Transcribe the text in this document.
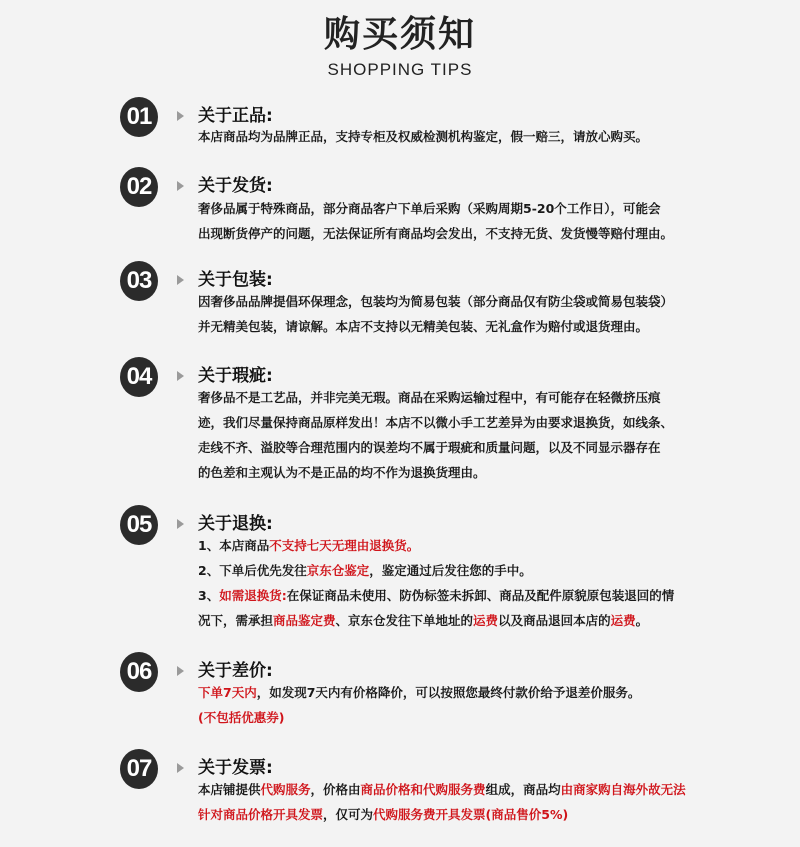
购买须知
SHOPPING TIPS
01	关于正品:
本店商品均为品牌正品，支持专柜及权威检测机构鉴定，假一赔三，请放心购买。
02	关于发货:
奢侈品属于特殊商品，部分商品客户下单后采购（采购周期5-20个工作日），可能会
出现断货停产的问题，无法保证所有商品均会发出，不支持无货、发货慢等赔付理由。
03	关于包装:
因奢侈品品牌提倡环保理念，包装均为简易包装（部分商品仅有防尘袋或简易包装袋）
并无精美包装，请谅解。本店不支持以无精美包装、无礼盒作为赔付或退货理由。
04	关于瑕疵:
奢侈品不是工艺品，并非完美无瑕。商品在采购运输过程中，有可能存在轻微挤压痕
迹，我们尽量保持商品原样发出！本店不以微小手工艺差异为由要求退换货，如线条、
走线不齐、溢胶等合理范围内的误差均不属于瑕疵和质量问题，以及不同显示器存在
的色差和主观认为不是正品的均不作为退换货理由。
05	关于退换:
1、本店商品不支持七天无理由退换货。
2、下单后优先发往京东仓鉴定，鉴定通过后发往您的手中。
3、如需退换货:在保证商品未使用、防伪标签未拆卸、商品及配件原貌原包装退回的情
况下，需承担商品鉴定费、京东仓发往下单地址的运费以及商品退回本店的运费。
06	关于差价:
下单7天内，如发现7天内有价格降价，可以按照您最终付款价给予退差价服务。
(不包括优惠券)
07	关于发票:
本店铺提供代购服务，价格由商品价格和代购服务费组成，商品均由商家购自海外故无法
针对商品价格开具发票，仅可为代购服务费开具发票(商品售价5%)
